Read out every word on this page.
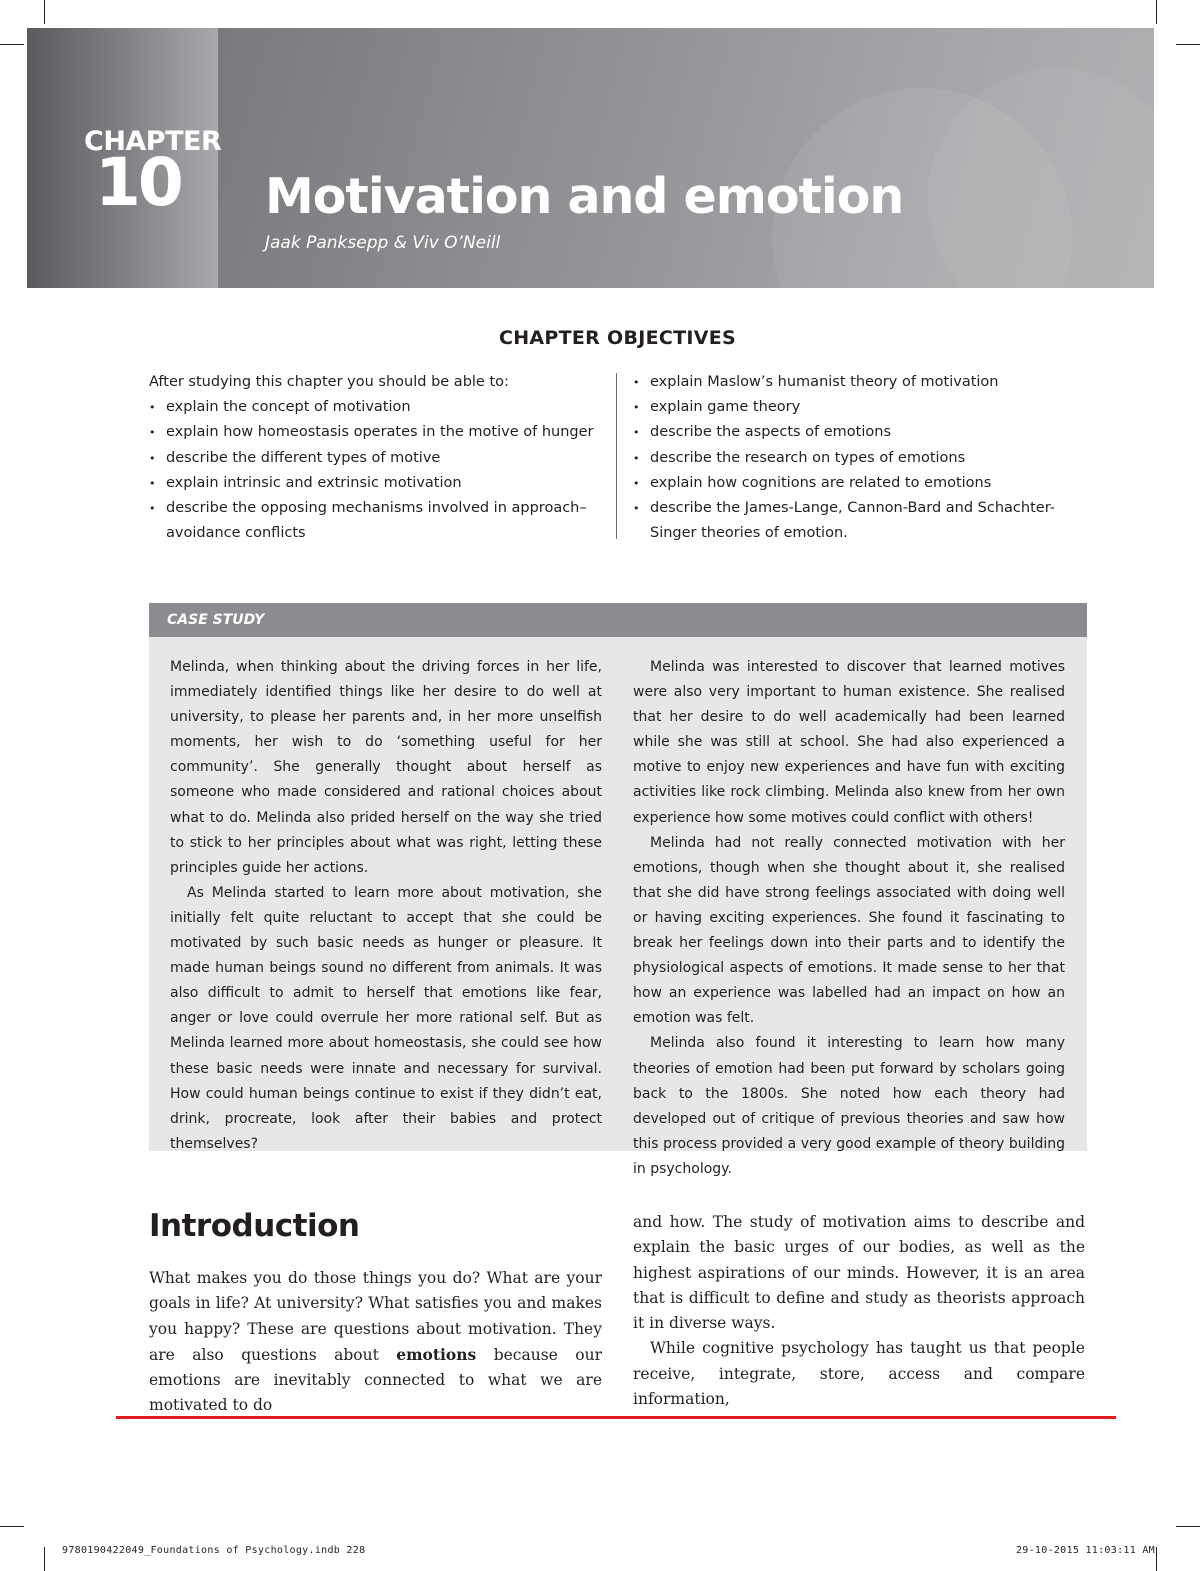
CHAPTER
10 Motivation and emotion
Jaak Panksepp & Viv O’Neill
CHAPTER OBJECTIVES
After studying this chapter you should be able to:
• explain the concept of motivation
• explain how homeostasis operates in the motive of hunger
• describe the different types of motive
• explain intrinsic and extrinsic motivation
• describe the opposing mechanisms involved in approach–avoidance conflicts
• explain Maslow’s humanist theory of motivation
• explain game theory
• describe the aspects of emotions
• describe the research on types of emotions
• explain how cognitions are related to emotions
• describe the James-Lange, Cannon-Bard and Schachter-Singer theories of emotion.
CASE STUDY

Melinda, when thinking about the driving forces in her life, immediately identified things like her desire to do well at university, to please her parents and, in her more unselfish moments, her wish to do ‘something useful for her community’. She generally thought about herself as someone who made considered and rational choices about what to do. Melinda also prided herself on the way she tried to stick to her principles about what was right, letting these principles guide her actions.

As Melinda started to learn more about motivation, she initially felt quite reluctant to accept that she could be motivated by such basic needs as hunger or pleasure. It made human beings sound no different from animals. It was also difficult to admit to herself that emotions like fear, anger or love could overrule her more rational self. But as Melinda learned more about homeostasis, she could see how these basic needs were innate and necessary for survival. How could human beings continue to exist if they didn’t eat, drink, procreate, look after their babies and protect themselves?

Melinda was interested to discover that learned motives were also very important to human existence. She realised that her desire to do well academically had been learned while she was still at school. She had also experienced a motive to enjoy new experiences and have fun with exciting activities like rock climbing. Melinda also knew from her own experience how some motives could conflict with others!

Melinda had not really connected motivation with her emotions, though when she thought about it, she realised that she did have strong feelings associated with doing well or having exciting experiences. She found it fascinating to break her feelings down into their parts and to identify the physiological aspects of emotions. It made sense to her that how an experience was labelled had an impact on how an emotion was felt.

Melinda also found it interesting to learn how many theories of emotion had been put forward by scholars going back to the 1800s. She noted how each theory had developed out of critique of previous theories and saw how this process provided a very good example of theory building in psychology.

Introduction

What makes you do those things you do? What are your goals in life? At university? What satisfies you and makes you happy? These are questions about motivation. They are also questions about emotions because our emotions are inevitably connected to what we are motivated to do

and how. The study of motivation aims to describe and explain the basic urges of our bodies, as well as the highest aspirations of our minds. However, it is an area that is difficult to define and study as theorists approach it in diverse ways.

While cognitive psychology has taught us that people receive, integrate, store, access and compare information,

9780190422049_Foundations of Psychology.indb 228	29-10-2015 11:03:11 AM
